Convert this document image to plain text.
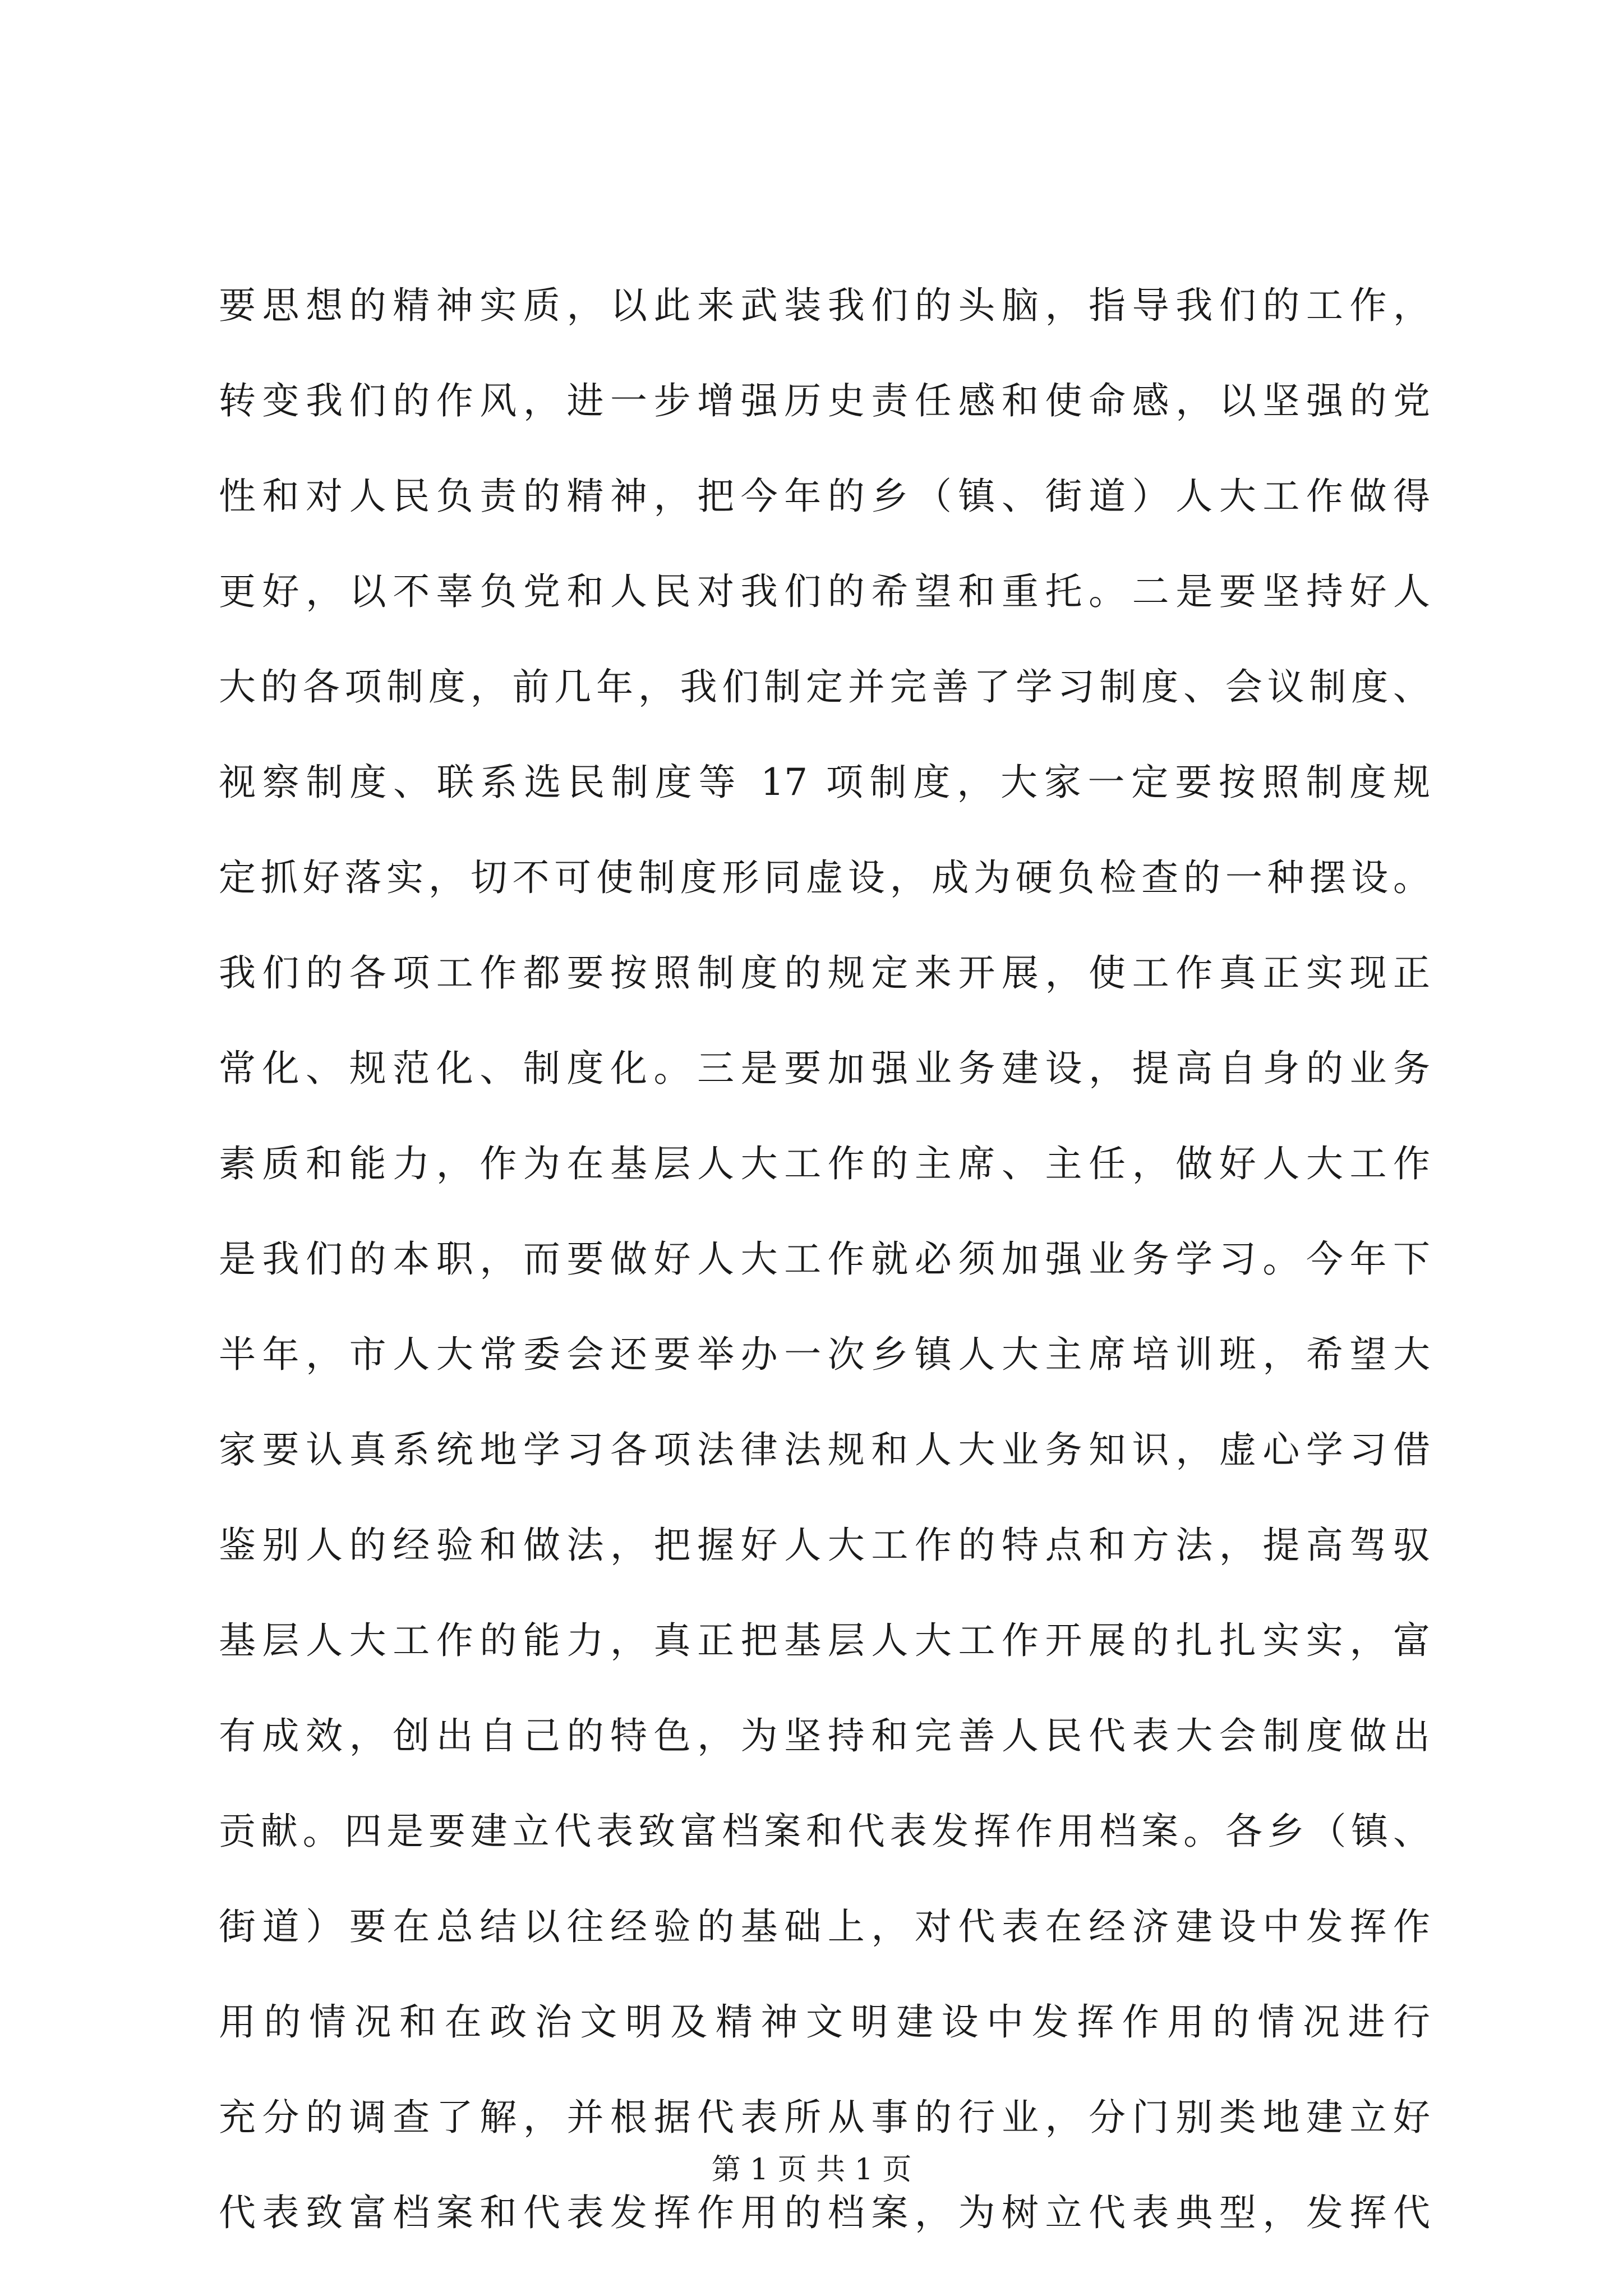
要思想的精神实质，以此来武装我们的头脑，指导我们的工作，
转变我们的作风，进一步增强历史责任感和使命感，以坚强的党
性和对人民负责的精神，把今年的乡（镇、街道）人大工作做得
更好，以不辜负党和人民对我们的希望和重托。二是要坚持好人
大的各项制度，前几年，我们制定并完善了学习制度、会议制度、
视察制度、联系选民制度等 17 项制度，大家一定要按照制度规
定抓好落实，切不可使制度形同虚设，成为硬负检查的一种摆设。
我们的各项工作都要按照制度的规定来开展，使工作真正实现正
常化、规范化、制度化。三是要加强业务建设，提高自身的业务
素质和能力，作为在基层人大工作的主席、主任，做好人大工作
是我们的本职，而要做好人大工作就必须加强业务学习。今年下
半年，市人大常委会还要举办一次乡镇人大主席培训班，希望大
家要认真系统地学习各项法律法规和人大业务知识，虚心学习借
鉴别人的经验和做法，把握好人大工作的特点和方法，提高驾驭
基层人大工作的能力，真正把基层人大工作开展的扎扎实实，富
有成效，创出自己的特色，为坚持和完善人民代表大会制度做出
贡献。四是要建立代表致富档案和代表发挥作用档案。各乡（镇、
街道）要在总结以往经验的基础上，对代表在经济建设中发挥作
用的情况和在政治文明及精神文明建设中发挥作用的情况进行
充分的调查了解，并根据代表所从事的行业，分门别类地建立好
代表致富档案和代表发挥作用的档案，为树立代表典型，发挥代
第 1 页 共 1 页
